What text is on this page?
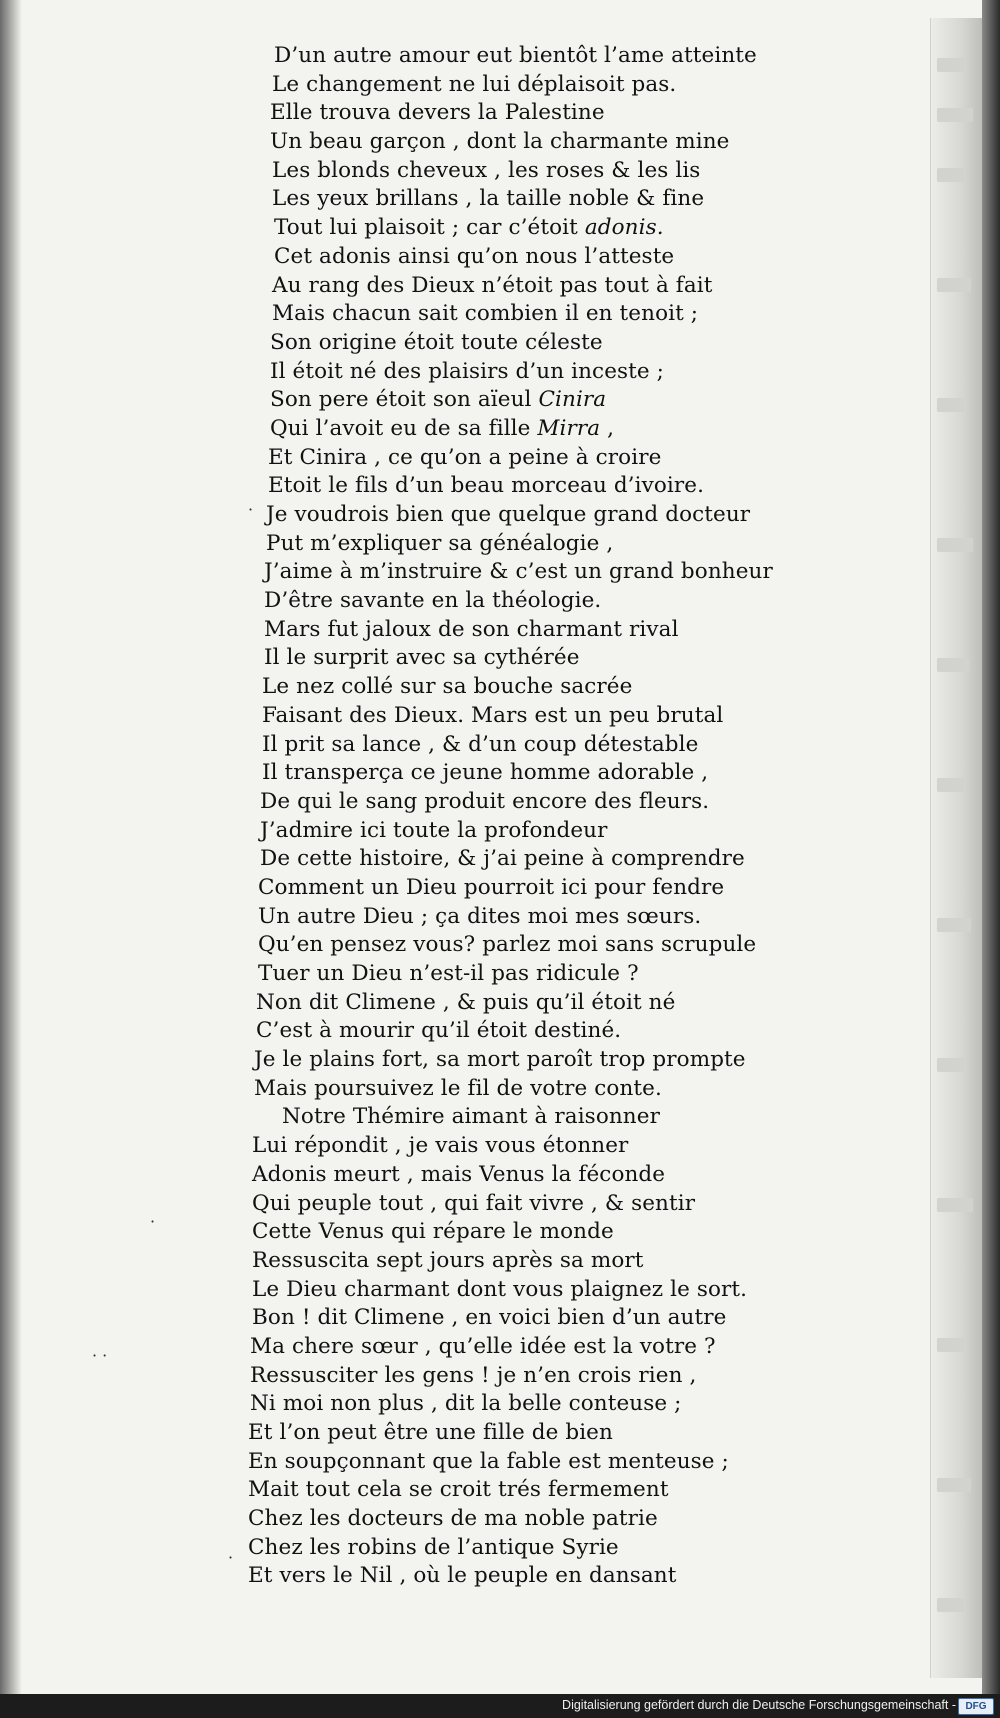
·
·
· ·
·
D’un autre amour eut bientôt l’ame atteinte
Le changement ne lui déplaisoit pas.
Elle trouva devers la Palestine
Un beau garçon , dont la charmante mine
Les blonds cheveux , les roses & les lis
Les yeux brillans , la taille noble & fine
Tout lui plaisoit ; car c’étoit adonis.
Cet adonis ainsi qu’on nous l’atteste
Au rang des Dieux n’étoit pas tout à fait
Mais chacun sait combien il en tenoit ;
Son origine étoit toute céleste
Il étoit né des plaisirs d’un inceste ;
Son pere étoit son aïeul Cinira
Qui l’avoit eu de sa fille Mirra ,
Et Cinira , ce qu’on a peine à croire
Etoit le fils d’un beau morceau d’ivoire.
Je voudrois bien que quelque grand docteur
Put m’expliquer sa généalogie ,
J’aime à m’instruire & c’est un grand bonheur
D’être savante en la théologie.
Mars fut jaloux de son charmant rival
Il le surprit avec sa cythérée
Le nez collé sur sa bouche sacrée
Faisant des Dieux. Mars est un peu brutal
Il prit sa lance , & d’un coup détestable
Il transperça ce jeune homme adorable ,
De qui le sang produit encore des fleurs.
J’admire ici toute la profondeur
De cette histoire, & j’ai peine à comprendre
Comment un Dieu pourroit ici pour fendre
Un autre Dieu ; ça dites moi mes sœurs.
Qu’en pensez vous? parlez moi sans scrupule
Tuer un Dieu n’est-il pas ridicule ?
Non dit Climene , & puis qu’il étoit né
C’est à mourir qu’il étoit destiné.
Je le plains fort, sa mort paroît trop prompte
Mais poursuivez le fil de votre conte.
Notre Thémire aimant à raisonner
Lui répondit , je vais vous étonner
Adonis meurt , mais Venus la féconde
Qui peuple tout , qui fait vivre , & sentir
Cette Venus qui répare le monde
Ressuscita sept jours après sa mort
Le Dieu charmant dont vous plaignez le sort.
Bon ! dit Climene , en voici bien d’un autre
Ma chere sœur , qu’elle idée est la votre ?
Ressusciter les gens ! je n’en crois rien ,
Ni moi non plus , dit la belle conteuse ;
Et l’on peut être une fille de bien
En soupçonnant que la fable est menteuse ;
Mait tout cela se croit trés fermement
Chez les docteurs de ma noble patrie
Chez les robins de l’antique Syrie
Et vers le Nil , où le peuple en dansant
Digitalisierung gefördert durch die Deutsche Forschungsgemeinschaft - DFG
